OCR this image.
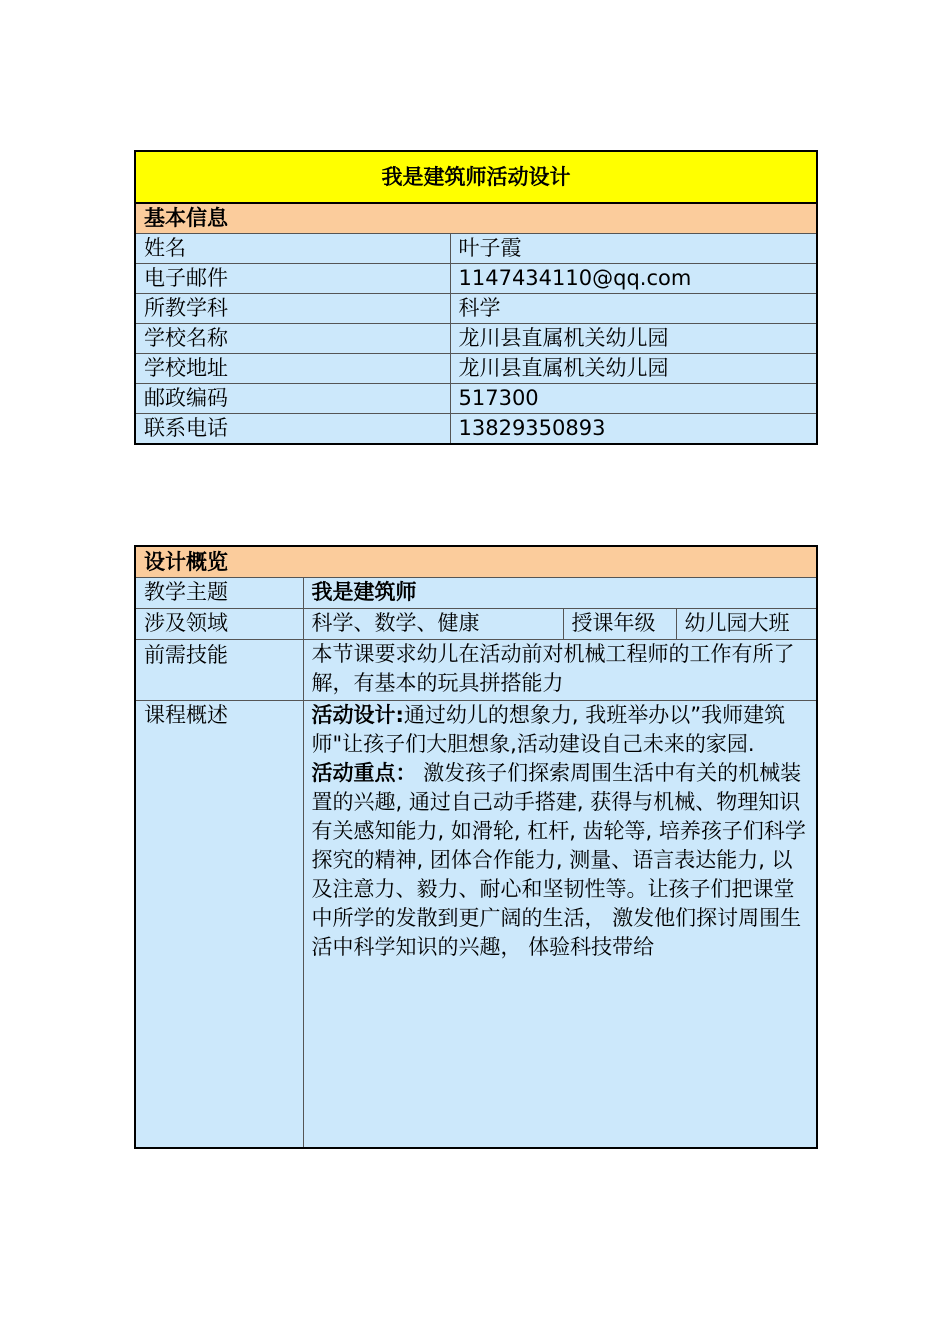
我是建筑师活动设计	
基本信息	
姓名	叶子霞
电子邮件	1147434110@qq.com
所教学科	科学
学校名称	龙川县直属机关幼儿园
学校地址	龙川县直属机关幼儿园
邮政编码	517300
联系电话	13829350893
设计概览			
教学主题	我是建筑师		
涉及领域	科学、数学、健康	授课年级	幼儿园大班
前需技能	本节课要求幼儿在活动前对机械工程师的工作有所了解，有基本的玩具拼搭能力		
课程概述	活动设计:通过幼儿的想象力, 我班举办以”我师建筑师"让孩子们大胆想象,活动建设自己未来的家园.
活动重点： 激发孩子们探索周围生活中有关的机械装置的兴趣, 通过自己动手搭建, 获得与机械、物理知识有关感知能力, 如滑轮, 杠杆, 齿轮等, 培养孩子们科学探究的精神, 团体合作能力, 测量、语言表达能力, 以及注意力、毅力、耐心和坚韧性等。让孩子们把课堂中所学的发散到更广阔的生活， 激发他们探讨周围生活中科学知识的兴趣， 体验科技带给		
